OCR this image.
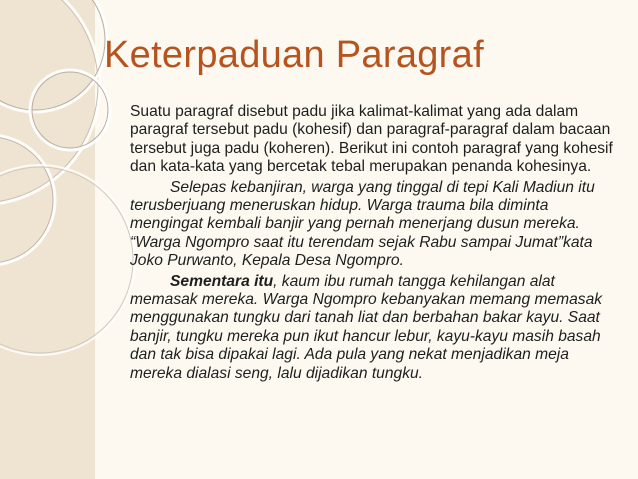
Keterpaduan Paragraf

Suatu paragraf disebut padu jika kalimat-kalimat yang ada dalam paragraf tersebut padu (kohesif) dan paragraf-paragraf dalam bacaan tersebut juga padu (koheren). Berikut ini contoh paragraf yang kohesif dan kata-kata yang bercetak tebal merupakan penanda kohesinya.

Selepas kebanjiran, warga yang tinggal di tepi Kali Madiun itu terusberjuang meneruskan hidup. Warga trauma bila diminta mengingat kembali banjir yang pernah menerjang dusun mereka. “Warga Ngompro saat itu terendam sejak Rabu sampai Jumat”kata Joko Purwanto, Kepala Desa Ngompro.

Sementara itu, kaum ibu rumah tangga kehilangan alat memasak mereka. Warga Ngompro kebanyakan memang memasak menggunakan tungku dari tanah liat dan berbahan bakar kayu. Saat banjir, tungku mereka pun ikut hancur lebur, kayu-kayu masih basah dan tak bisa dipakai lagi. Ada pula yang nekat menjadikan meja mereka dialasi seng, lalu dijadikan tungku.
